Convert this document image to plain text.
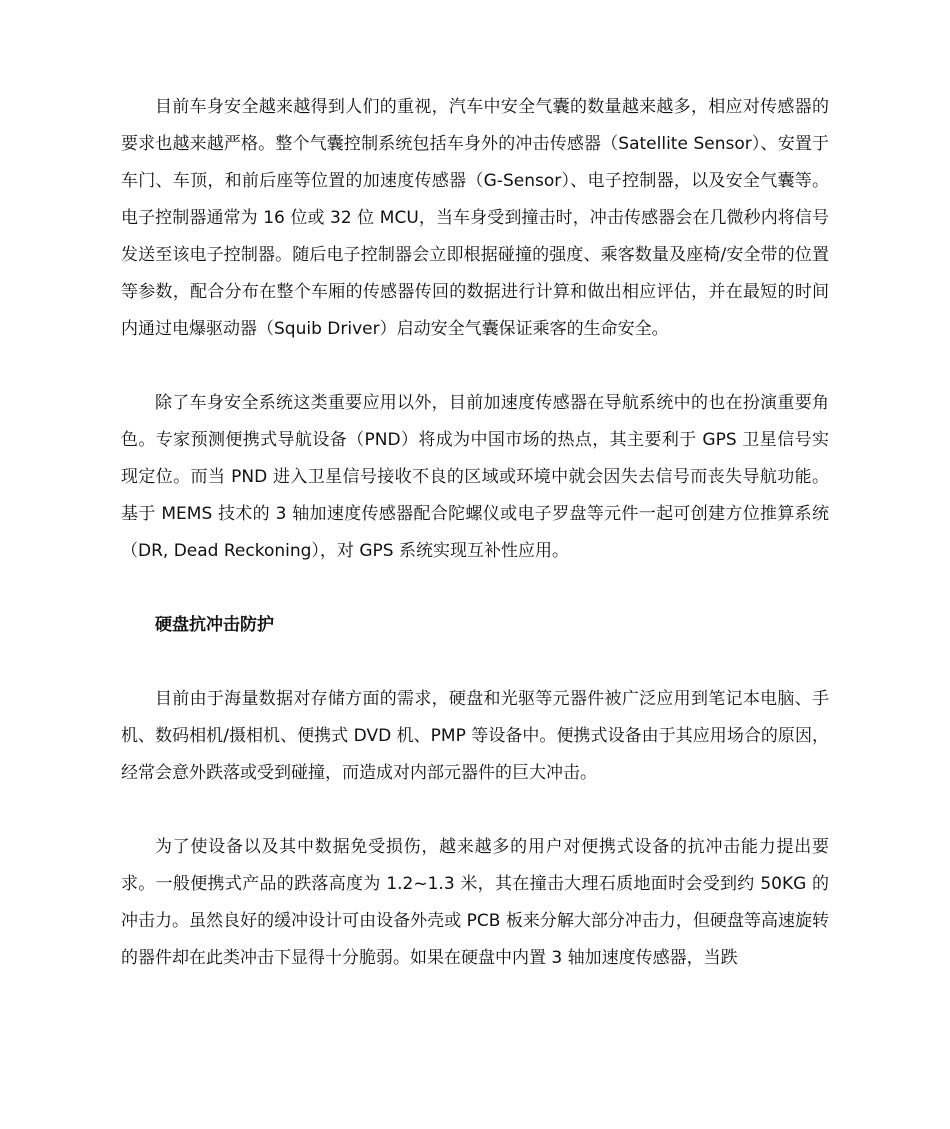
目前车身安全越来越得到人们的重视，汽车中安全气囊的数量越来越多，相应对传感器的要求也越来越严格。整个气囊控制系统包括车身外的冲击传感器（Satellite Sensor）、安置于车门、车顶，和前后座等位置的加速度传感器（G-Sensor）、电子控制器，以及安全气囊等。电子控制器通常为 16 位或 32 位 MCU，当车身受到撞击时，冲击传感器会在几微秒内将信号发送至该电子控制器。随后电子控制器会立即根据碰撞的强度、乘客数量及座椅/安全带的位置等参数，配合分布在整个车厢的传感器传回的数据进行计算和做出相应评估，并在最短的时间内通过电爆驱动器（Squib Driver）启动安全气囊保证乘客的生命安全。

除了车身安全系统这类重要应用以外，目前加速度传感器在导航系统中的也在扮演重要角色。专家预测便携式导航设备（PND）将成为中国市场的热点，其主要利于 GPS 卫星信号实现定位。而当 PND 进入卫星信号接收不良的区域或环境中就会因失去信号而丧失导航功能。基于 MEMS 技术的 3 轴加速度传感器配合陀螺仪或电子罗盘等元件一起可创建方位推算系统（DR, Dead Reckoning），对 GPS 系统实现互补性应用。

硬盘抗冲击防护

目前由于海量数据对存储方面的需求，硬盘和光驱等元器件被广泛应用到笔记本电脑、手机、数码相机/摄相机、便携式 DVD 机、PMP 等设备中。便携式设备由于其应用场合的原因，经常会意外跌落或受到碰撞，而造成对内部元器件的巨大冲击。

为了使设备以及其中数据免受损伤，越来越多的用户对便携式设备的抗冲击能力提出要求。一般便携式产品的跌落高度为 1.2~1.3 米，其在撞击大理石质地面时会受到约 50KG 的冲击力。虽然良好的缓冲设计可由设备外壳或 PCB 板来分解大部分冲击力，但硬盘等高速旋转的器件却在此类冲击下显得十分脆弱。如果在硬盘中内置 3 轴加速度传感器，当跌
